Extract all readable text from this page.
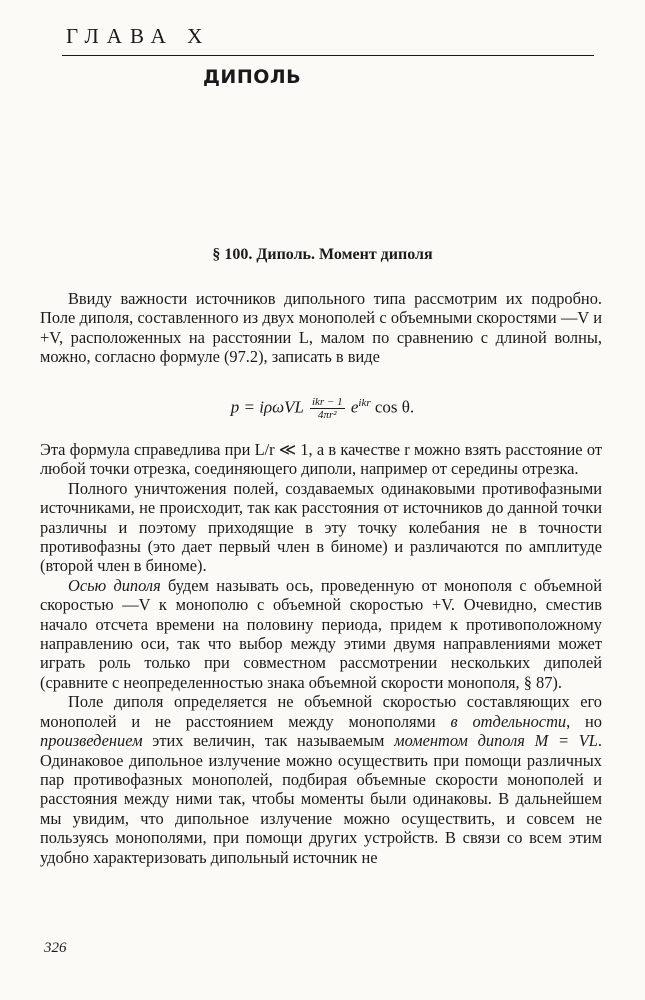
ГЛАВА X
ДИПОЛЬ
§ 100. Диполь. Момент диполя

Ввиду важности источников дипольного типа рассмотрим их подробно. Поле диполя, составленного из двух монополей с объемными скоростями —V и +V, расположенных на расстоянии L, малом по сравнению с длиной волны, можно, согласно формуле (97.2), записать в виде

p = iρωVL $\frac{\text{ikr − 1}}{\text{4πr²}} e^{ikr}$ cos θ.

Эта формула справедлива при L/r ≪ 1, а в качестве r можно взять расстояние от любой точки отрезка, соединяющего диполи, например от середины отрезка.

Полного уничтожения полей, создаваемых одинаковыми противофазными источниками, не происходит, так как расстояния от источников до данной точки различны и поэтому приходящие в эту точку колебания не в точности противофазны (это дает первый член в биноме) и различаются по амплитуде (второй член в биноме).

Осью диполя будем называть ось, проведенную от монополя с объемной скоростью —V к монополю с объемной скоростью +V. Очевидно, сместив начало отсчета времени на половину периода, придем к противоположному направлению оси, так что выбор между этими двумя направлениями может играть роль только при совместном рассмотрении нескольких диполей (сравните с неопределенностью знака объемной скорости монополя, § 87).

Поле диполя определяется не объемной скоростью составляющих его монополей и не расстоянием между монополями в отдельности, но произведением этих величин, так называемым моментом диполя M = VL. Одинаковое дипольное излучение можно осуществить при помощи различных пар противофазных монополей, подбирая объемные скорости монополей и расстояния между ними так, чтобы моменты были одинаковы. В дальнейшем мы увидим, что дипольное излучение можно осуществить, и совсем не пользуясь монополями, при помощи других устройств. В связи со всем этим удобно характеризовать дипольный источник не

326
